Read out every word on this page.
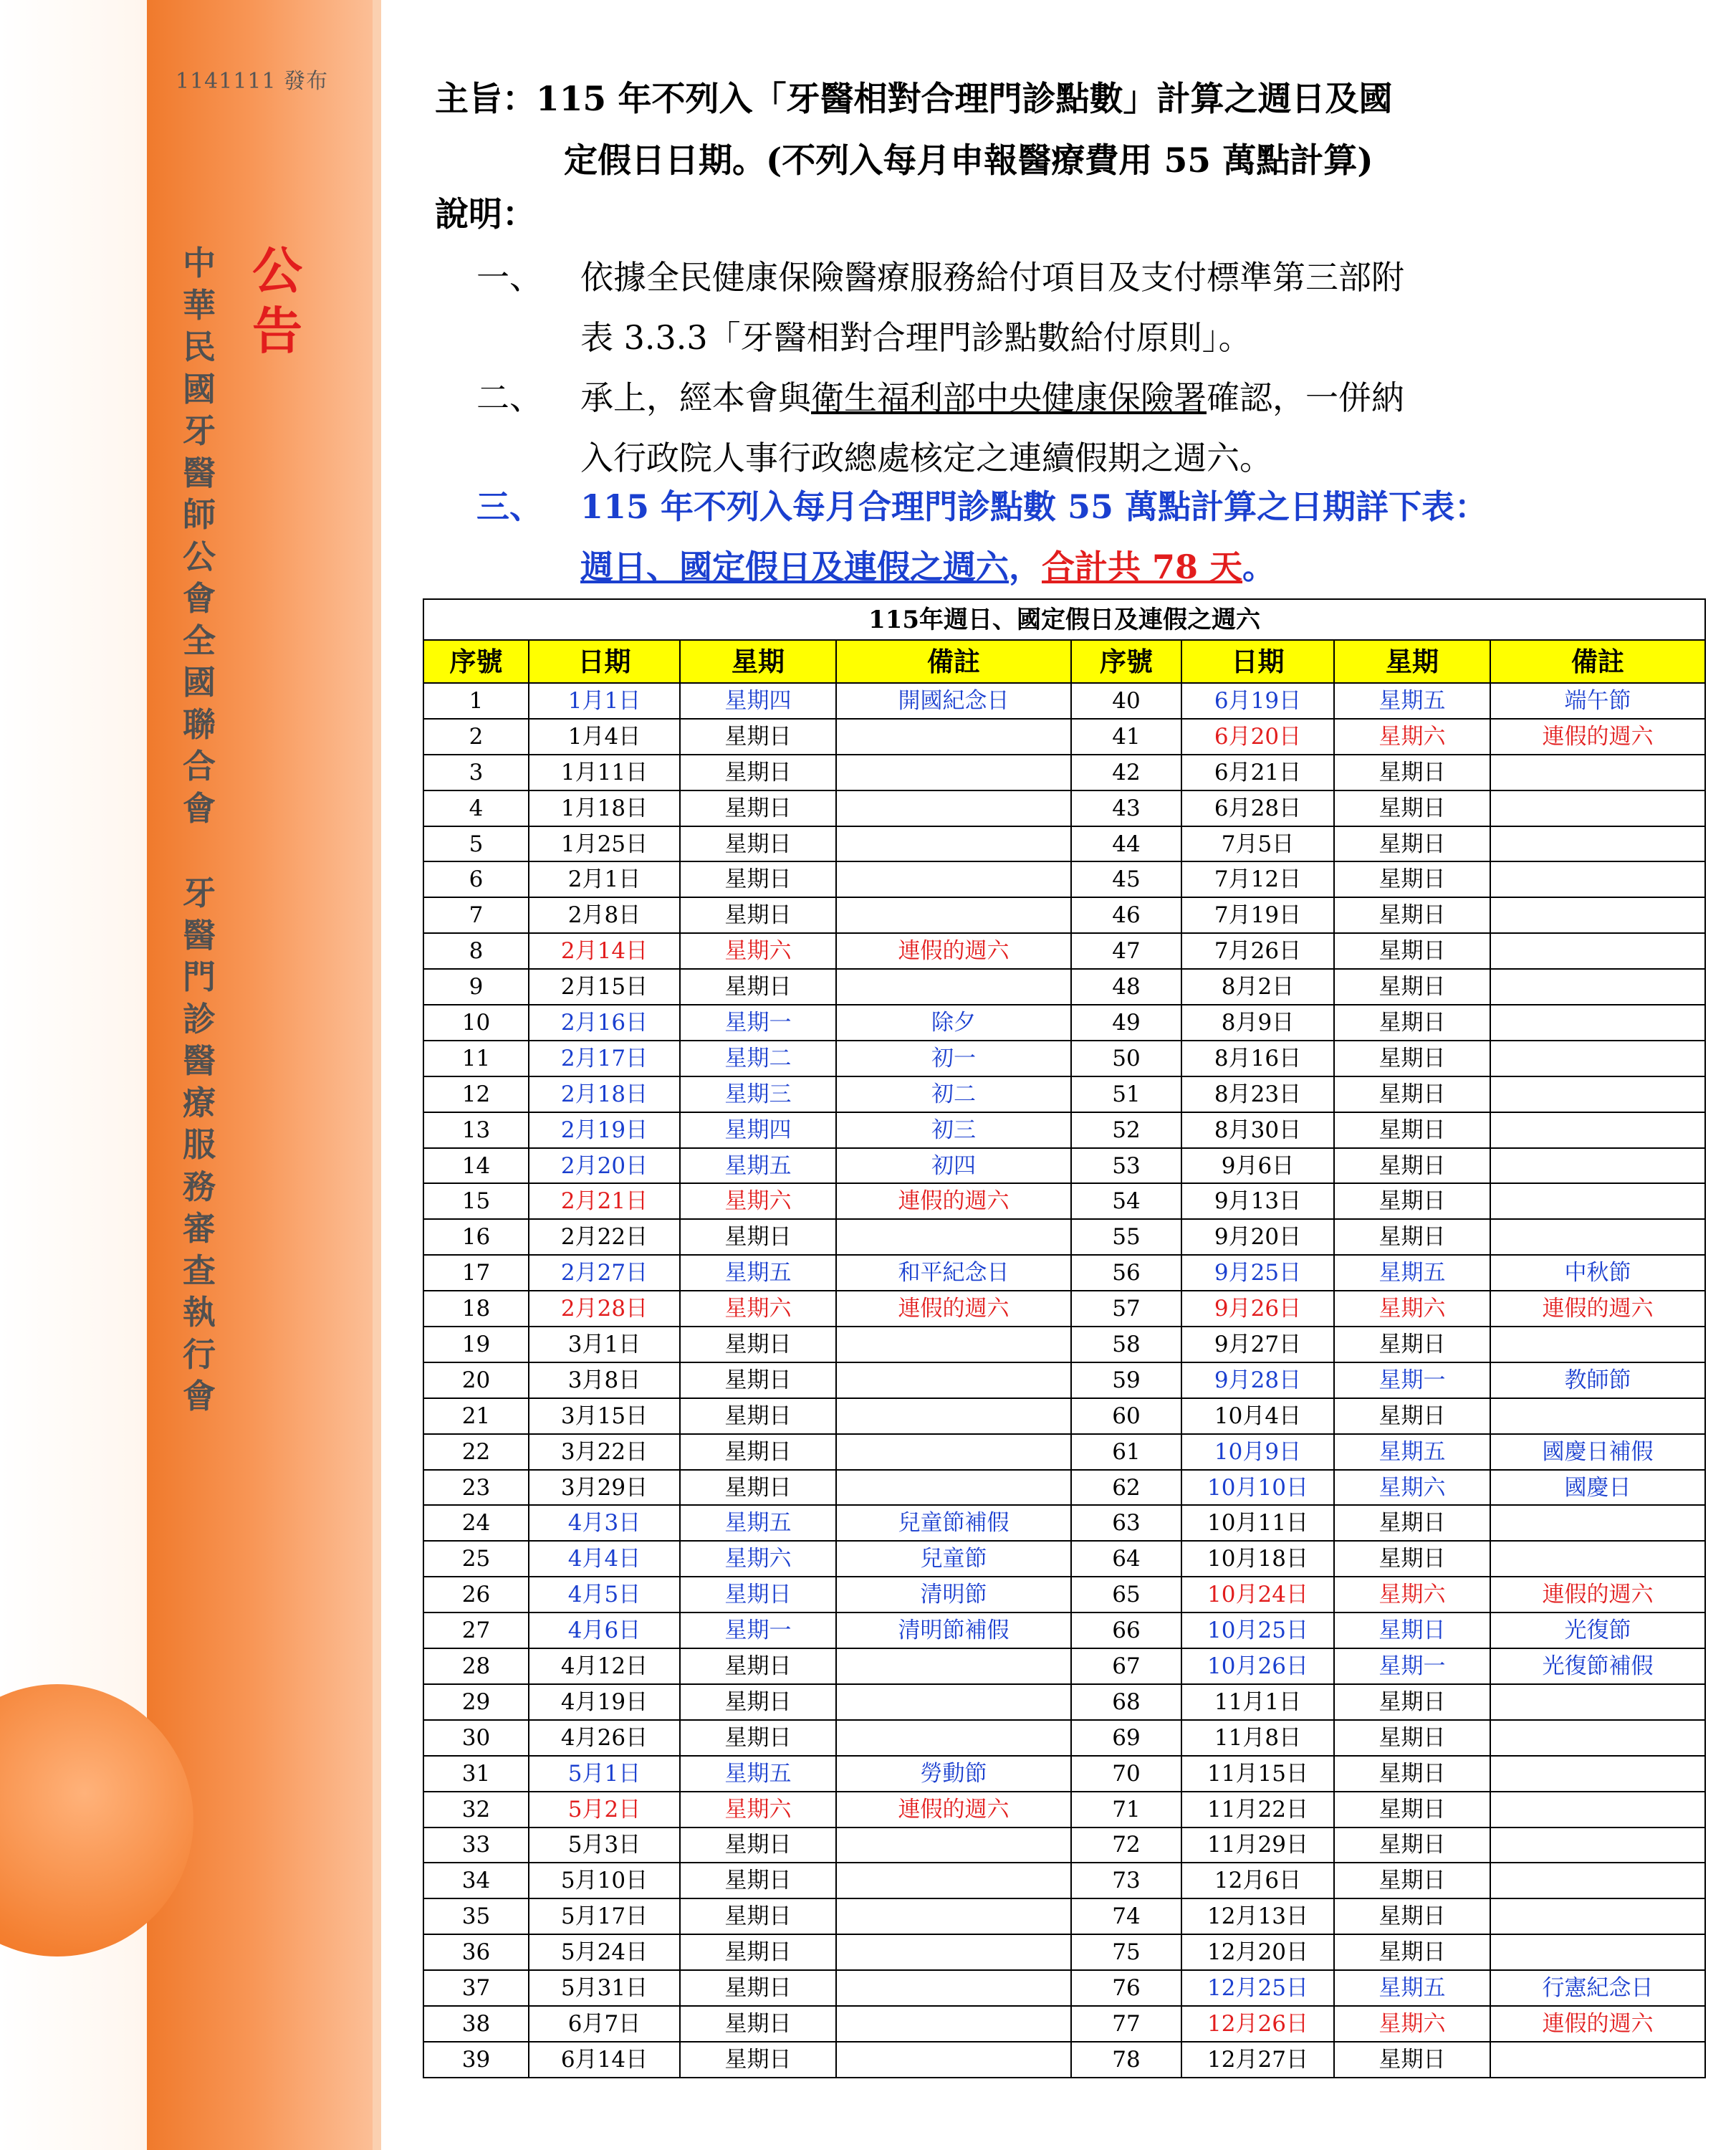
1141111 發布
公告
中華民國牙醫師公會全國聯合會
牙醫門診醫療服務審查執行會
主旨：115 年不列入「牙醫相對合理門診點數」計算之週日及國
定假日日期。(不列入每月申報醫療費用 55 萬點計算)
說明：
一、 依據全民健康保險醫療服務給付項目及支付標準第三部附
表 3.3.3「牙醫相對合理門診點數給付原則」。
二、 承上，經本會與衛生福利部中央健康保險署確認，一併納
入行政院人事行政總處核定之連續假期之週六。
三、 115 年不列入每月合理門診點數 55 萬點計算之日期詳下表：
週日、國定假日及連假之週六，合計共 78 天。
115年週日、國定假日及連假之週六							
序號	日期	星期	備註	序號	日期	星期	備註
1	1月1日	星期四	開國紀念日	40	6月19日	星期五	端午節
2	1月4日	星期日		41	6月20日	星期六	連假的週六
3	1月11日	星期日		42	6月21日	星期日	
4	1月18日	星期日		43	6月28日	星期日	
5	1月25日	星期日		44	7月5日	星期日	
6	2月1日	星期日		45	7月12日	星期日	
7	2月8日	星期日		46	7月19日	星期日	
8	2月14日	星期六	連假的週六	47	7月26日	星期日	
9	2月15日	星期日		48	8月2日	星期日	
10	2月16日	星期一	除夕	49	8月9日	星期日	
11	2月17日	星期二	初一	50	8月16日	星期日	
12	2月18日	星期三	初二	51	8月23日	星期日	
13	2月19日	星期四	初三	52	8月30日	星期日	
14	2月20日	星期五	初四	53	9月6日	星期日	
15	2月21日	星期六	連假的週六	54	9月13日	星期日	
16	2月22日	星期日		55	9月20日	星期日	
17	2月27日	星期五	和平紀念日	56	9月25日	星期五	中秋節
18	2月28日	星期六	連假的週六	57	9月26日	星期六	連假的週六
19	3月1日	星期日		58	9月27日	星期日	
20	3月8日	星期日		59	9月28日	星期一	教師節
21	3月15日	星期日		60	10月4日	星期日	
22	3月22日	星期日		61	10月9日	星期五	國慶日補假
23	3月29日	星期日		62	10月10日	星期六	國慶日
24	4月3日	星期五	兒童節補假	63	10月11日	星期日	
25	4月4日	星期六	兒童節	64	10月18日	星期日	
26	4月5日	星期日	清明節	65	10月24日	星期六	連假的週六
27	4月6日	星期一	清明節補假	66	10月25日	星期日	光復節
28	4月12日	星期日		67	10月26日	星期一	光復節補假
29	4月19日	星期日		68	11月1日	星期日	
30	4月26日	星期日		69	11月8日	星期日	
31	5月1日	星期五	勞動節	70	11月15日	星期日	
32	5月2日	星期六	連假的週六	71	11月22日	星期日	
33	5月3日	星期日		72	11月29日	星期日	
34	5月10日	星期日		73	12月6日	星期日	
35	5月17日	星期日		74	12月13日	星期日	
36	5月24日	星期日		75	12月20日	星期日	
37	5月31日	星期日		76	12月25日	星期五	行憲紀念日
38	6月7日	星期日		77	12月26日	星期六	連假的週六
39	6月14日	星期日		78	12月27日	星期日	
